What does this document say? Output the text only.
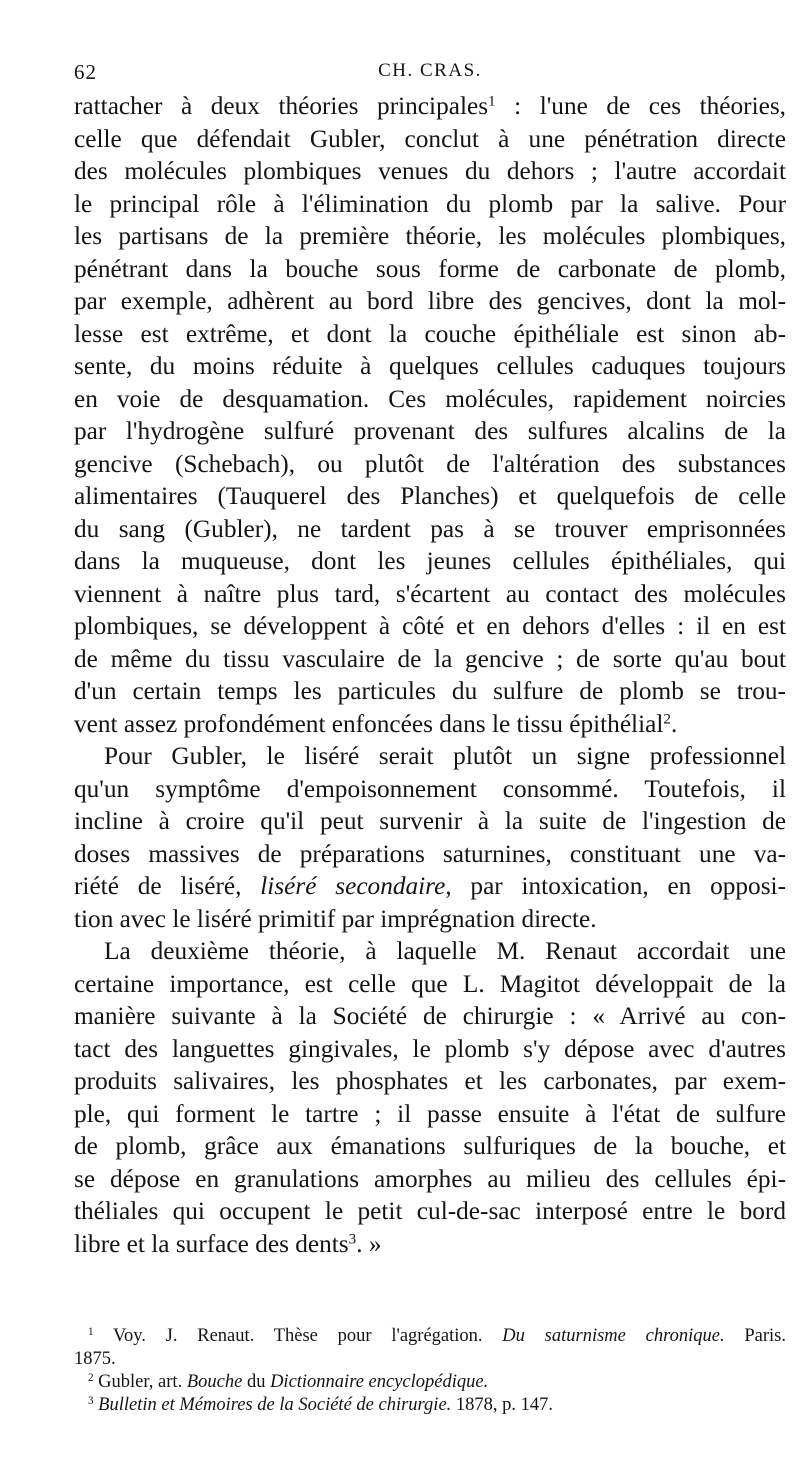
62	CH. CRAS.
rattacher à deux théories principales$^1$ : l'une de ces théories,
celle que défendait Gubler, conclut à une pénétration directe
des molécules plombiques venues du dehors ; l'autre accordait
le principal rôle à l'élimination du plomb par la salive. Pour
les partisans de la première théorie, les molécules plombiques,
pénétrant dans la bouche sous forme de carbonate de plomb,
par exemple, adhèrent au bord libre des gencives, dont la mol-
lesse est extrême, et dont la couche épithéliale est sinon ab-
sente, du moins réduite à quelques cellules caduques toujours
en voie de desquamation. Ces molécules, rapidement noircies
par l'hydrogène sulfuré provenant des sulfures alcalins de la
gencive (Schebach), ou plutôt de l'altération des substances
alimentaires (Tauquerel des Planches) et quelquefois de celle
du sang (Gubler), ne tardent pas à se trouver emprisonnées
dans la muqueuse, dont les jeunes cellules épithéliales, qui
viennent à naître plus tard, s'écartent au contact des molécules
plombiques, se développent à côté et en dehors d'elles : il en est
de même du tissu vasculaire de la gencive ; de sorte qu'au bout
d'un certain temps les particules du sulfure de plomb se trou-
vent assez profondément enfoncées dans le tissu épithélial$^2$.
Pour Gubler, le liséré serait plutôt un signe professionnel
qu'un symptôme d'empoisonnement consommé. Toutefois, il
incline à croire qu'il peut survenir à la suite de l'ingestion de
doses massives de préparations saturnines, constituant une va-
riété de liséré, liséré secondaire, par intoxication, en opposi-
tion avec le liséré primitif par imprégnation directe.
La deuxième théorie, à laquelle M. Renaut accordait une
certaine importance, est celle que L. Magitot développait de la
manière suivante à la Société de chirurgie : « Arrivé au con-
tact des languettes gingivales, le plomb s'y dépose avec d'autres
produits salivaires, les phosphates et les carbonates, par exem-
ple, qui forment le tartre ; il passe ensuite à l'état de sulfure
de plomb, grâce aux émanations sulfuriques de la bouche, et
se dépose en granulations amorphes au milieu des cellules épi-
théliales qui occupent le petit cul-de-sac interposé entre le bord
libre et la surface des dents$^3$. »
$^1$ Voy. J. Renaut. Thèse pour l'agrégation. Du saturnisme chronique. Paris.
1875.
$^2$ Gubler, art. Bouche du Dictionnaire encyclopédique.
$^3$ Bulletin et Mémoires de la Société de chirurgie. 1878, p. 147.
